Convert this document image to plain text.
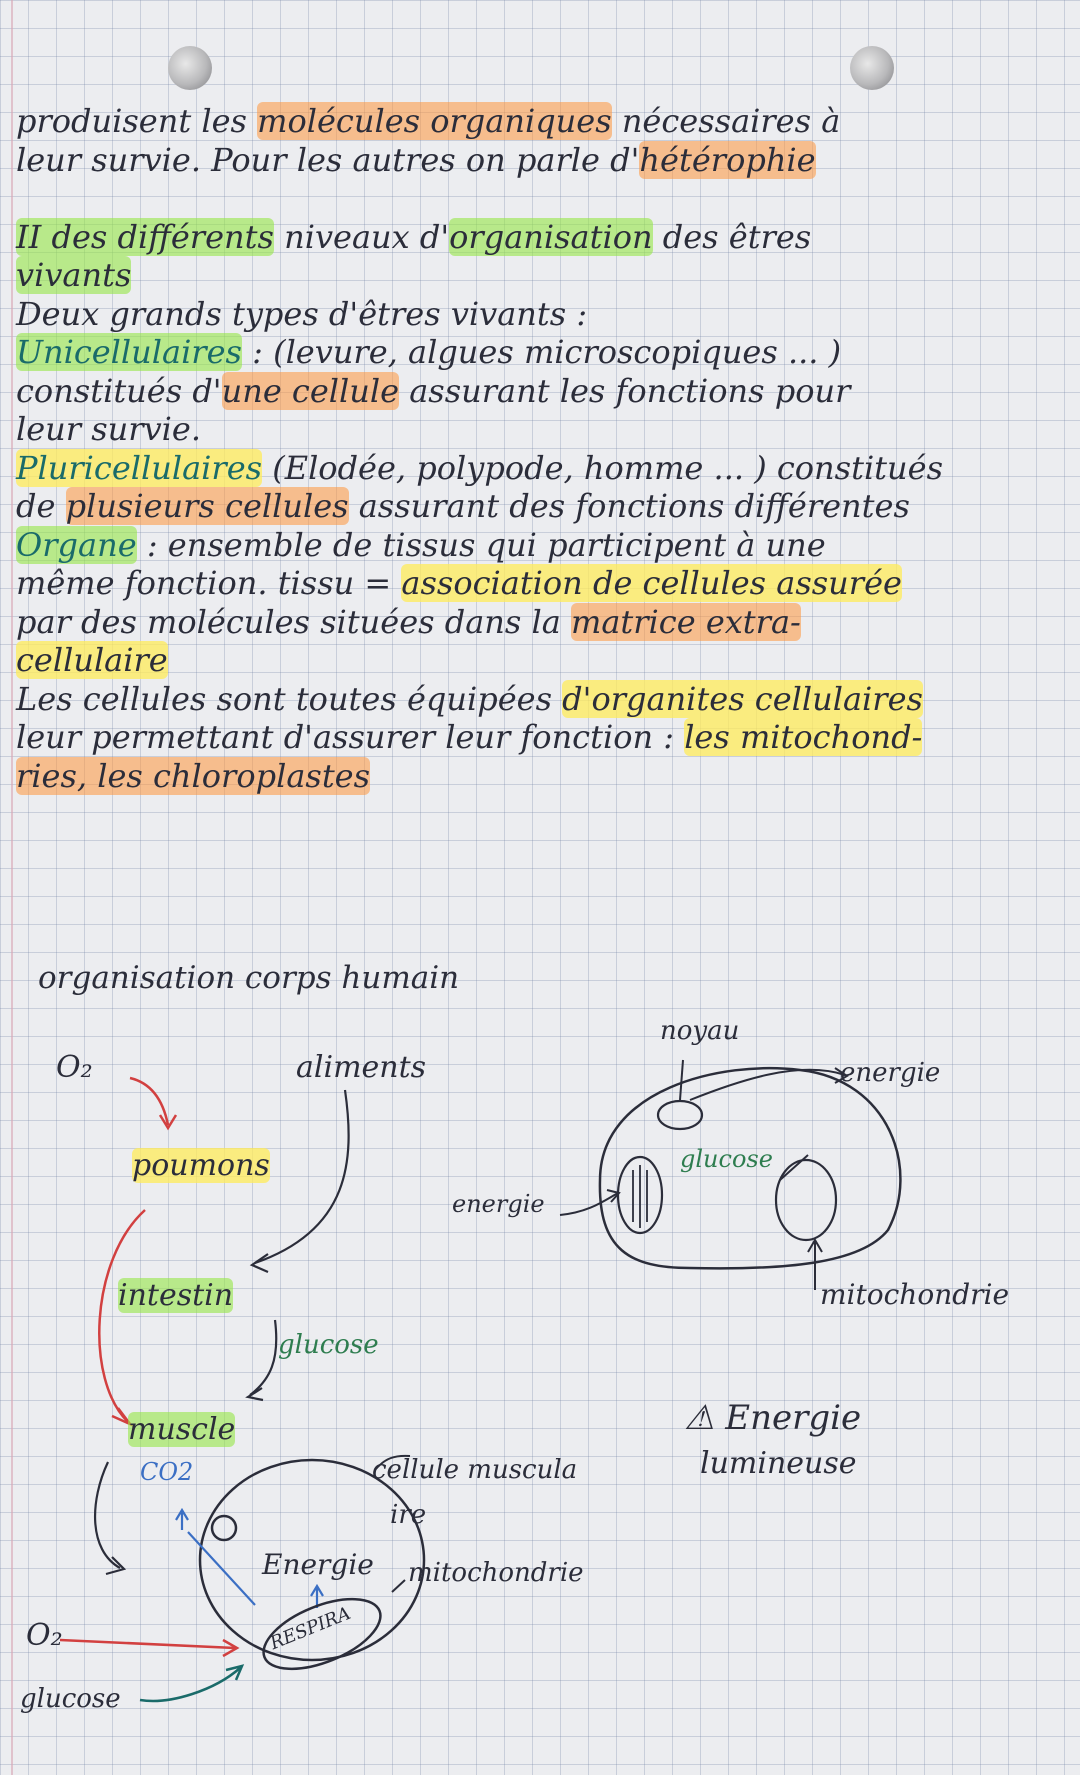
produisent les molécules organiques nécessaires à
leur survie. Pour les autres on parle d'hétérophie
II des différents niveaux d'organisation des êtres
vivants
Deux grands types d'êtres vivants :
Unicellulaires : (levure, algues microscopiques ... )
constitués d'une cellule assurant les fonctions pour
leur survie.
Pluricellulaires (Elodée, polypode, homme ... ) constitués
de plusieurs cellules assurant des fonctions différentes
Organe : ensemble de tissus qui participent à une
même fonction. tissu = association de cellules assurée
par des molécules situées dans la matrice extra-
cellulaire
Les cellules sont toutes équipées d'organites cellulaires
leur permettant d'assurer leur fonction : les mitochond-
ries, les chloroplastes
organisation corps humain
O₂	aliments
poumons
intestin
glucose
muscle
CO2	cellule muscula
ire
Energie mitochondrie
RESPIRA
O₂
glucose
noyau
energie
glucose
energie
mitochondrie
⚠ Energie
lumineuse
